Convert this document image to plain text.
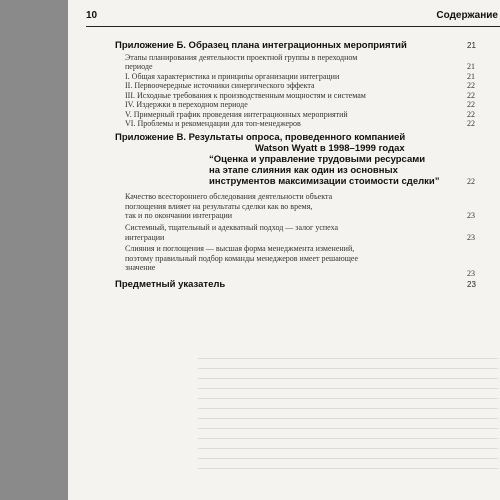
10	Содержание
Приложение Б. Образец плана интеграционных мероприятий	21
Этапы планирования деятельности проектной группы в переходном
периоде	21
I. Общая характеристика и принципы организации интеграции	21
II. Первоочередные источники синергического эффекта	22
III. Исходные требования к производственным мощностям и системам	22
IV. Издержки в переходном периоде	22
V. Примерный график проведения интеграционных мероприятий	22
VI. Проблемы и рекомендации для топ-менеджеров	22
Приложение В. Результаты опроса, проведенного компанией
Watson Wyatt в 1998–1999 годах
“Оценка и управление трудовыми ресурсами
на этапе слияния как один из основных
инструментов максимизации стоимости сделки”	22
Качество всестороннего обследования деятельности объекта
поглощения влияет на результаты сделки как во время,
так и по окончании интеграции	23
Системный, тщательный и адекватный подход — залог успеха
интеграции	23
Слияния и поглощения — высшая форма менеджмента изменений,
поэтому правильный подбор команды менеджеров имеет решающее
значение
23
Предметный указатель	23
